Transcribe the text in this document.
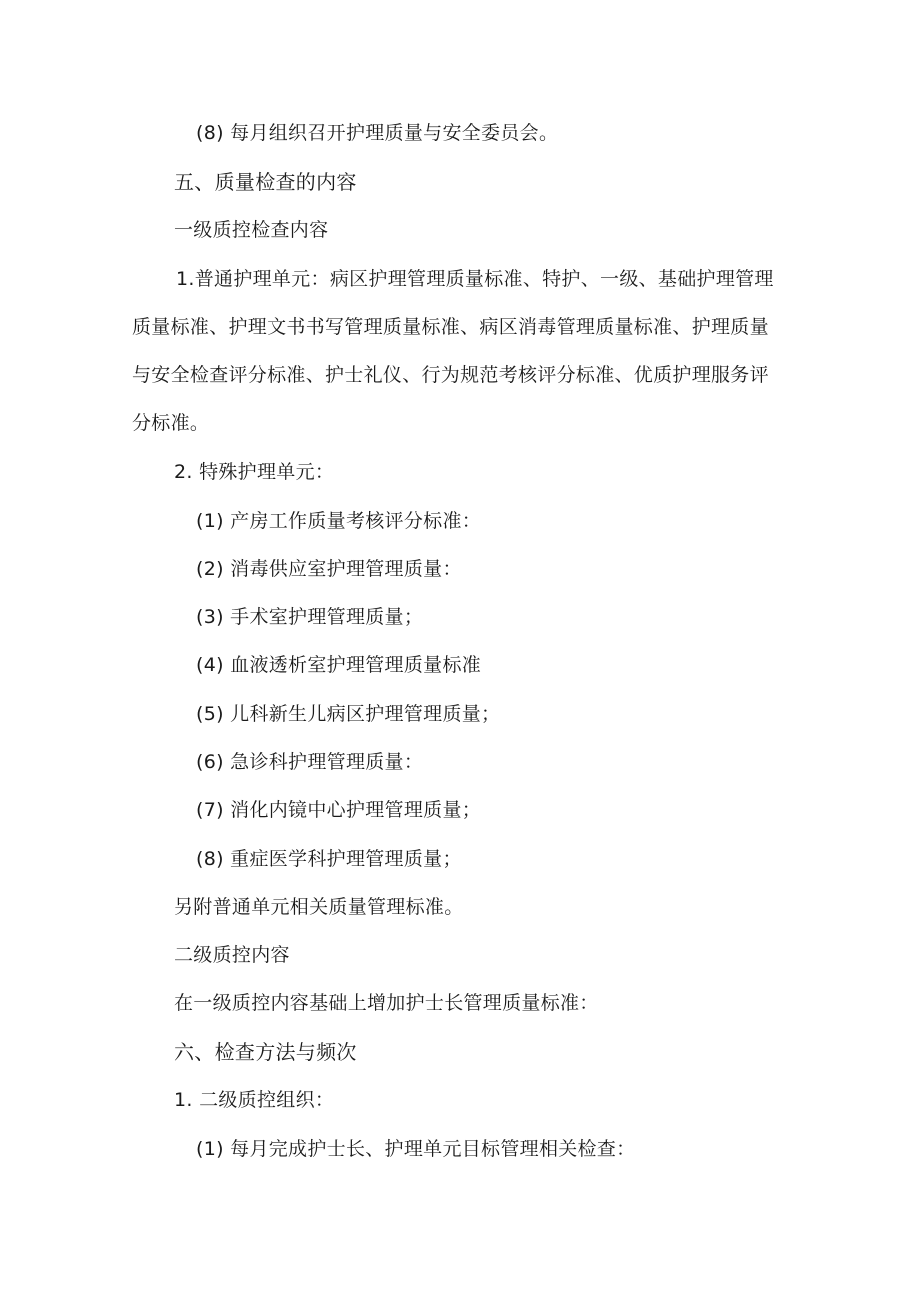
(8) 每月组织召开护理质量与安全委员会。

五、质量检查的内容

一级质控检查内容

1.普通护理单元：病区护理管理质量标准、特护、一级、基础护理管理

质量标准、护理文书书写管理质量标准、病区消毒管理质量标准、护理质量

与安全检查评分标准、护士礼仪、行为规范考核评分标准、优质护理服务评

分标准。

2. 特殊护理单元：

(1) 产房工作质量考核评分标准：

(2) 消毒供应室护理管理质量：

(3) 手术室护理管理质量；

(4) 血液透析室护理管理质量标准

(5) 儿科新生儿病区护理管理质量；

(6) 急诊科护理管理质量：

(7) 消化内镜中心护理管理质量；

(8) 重症医学科护理管理质量；

另附普通单元相关质量管理标准。

二级质控内容

在一级质控内容基础上增加护士长管理质量标准：

六、检查方法与频次

1. 二级质控组织：

(1) 每月完成护士长、护理单元目标管理相关检查：
